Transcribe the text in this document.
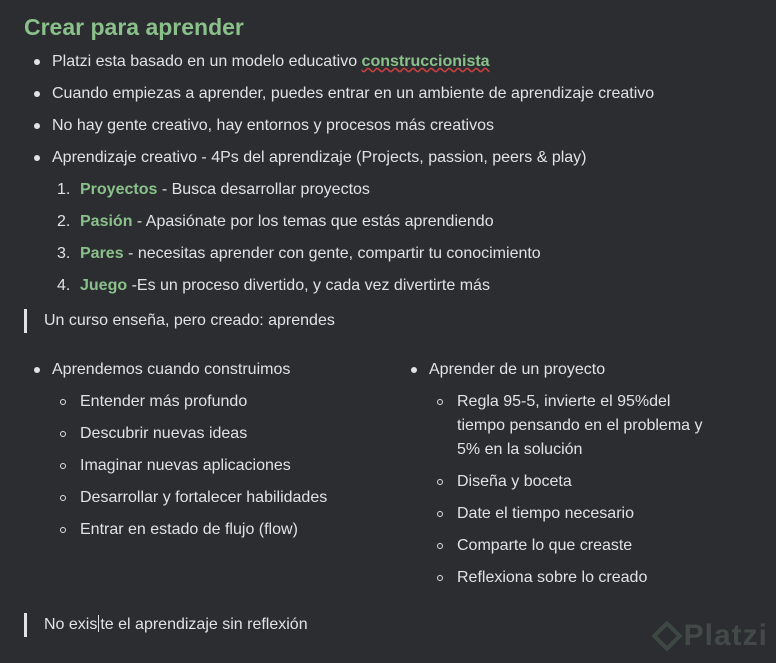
Crear para aprender
Platzi esta basado en un modelo educativo construccionista
Cuando empiezas a aprender, puedes entrar en un ambiente de aprendizaje creativo
No hay gente creativo, hay entornos y procesos más creativos
Aprendizaje creativo - 4Ps del aprendizaje (Projects, passion, peers & play)
1. Proyectos - Busca desarrollar proyectos
2. Pasión - Apasiónate por los temas que estás aprendiendo
3. Pares - necesitas aprender con gente, compartir tu conocimiento
4. Juego -Es un proceso divertido, y cada vez divertirte más
Un curso enseña, pero creado: aprendes
Aprendemos cuando construimos
Entender más profundo
Descubrir nuevas ideas
Imaginar nuevas aplicaciones
Desarrollar y fortalecer habilidades
Entrar en estado de flujo (flow)
Aprender de un proyecto
Regla 95-5, invierte el 95%del tiempo pensando en el problema y 5% en la solución
Diseña y boceta
Date el tiempo necesario
Comparte lo que creaste
Reflexiona sobre lo creado
No exis te el aprendizaje sin reflexión	Platzi
